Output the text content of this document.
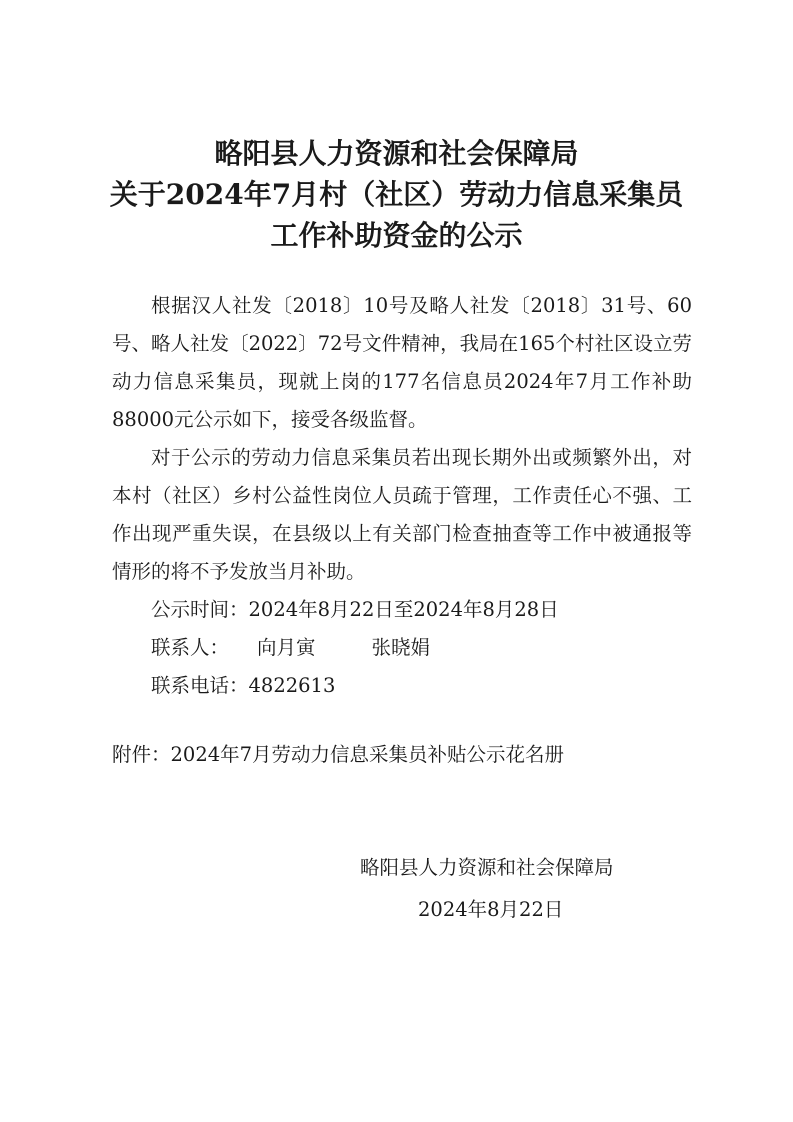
略阳县人力资源和社会保障局
关于2024年7月村（社区）劳动力信息采集员
工作补助资金的公示

根据汉人社发〔2018〕10号及略人社发〔2018〕31号、60号、略人社发〔2022〕72号文件精神，我局在165个村社区设立劳动力信息采集员，现就上岗的177名信息员2024年7月工作补助88000元公示如下，接受各级监督。

对于公示的劳动力信息采集员若出现长期外出或频繁外出，对本村（社区）乡村公益性岗位人员疏于管理，工作责任心不强、工作出现严重失误，在县级以上有关部门检查抽查等工作中被通报等情形的将不予发放当月补助。

公示时间：2024年8月22日至2024年8月28日

联系人： 向月寅	张晓娟

联系电话：4822613

附件：2024年7月劳动力信息采集员补贴公示花名册
略阳县人力资源和社会保障局
2024年8月22日
